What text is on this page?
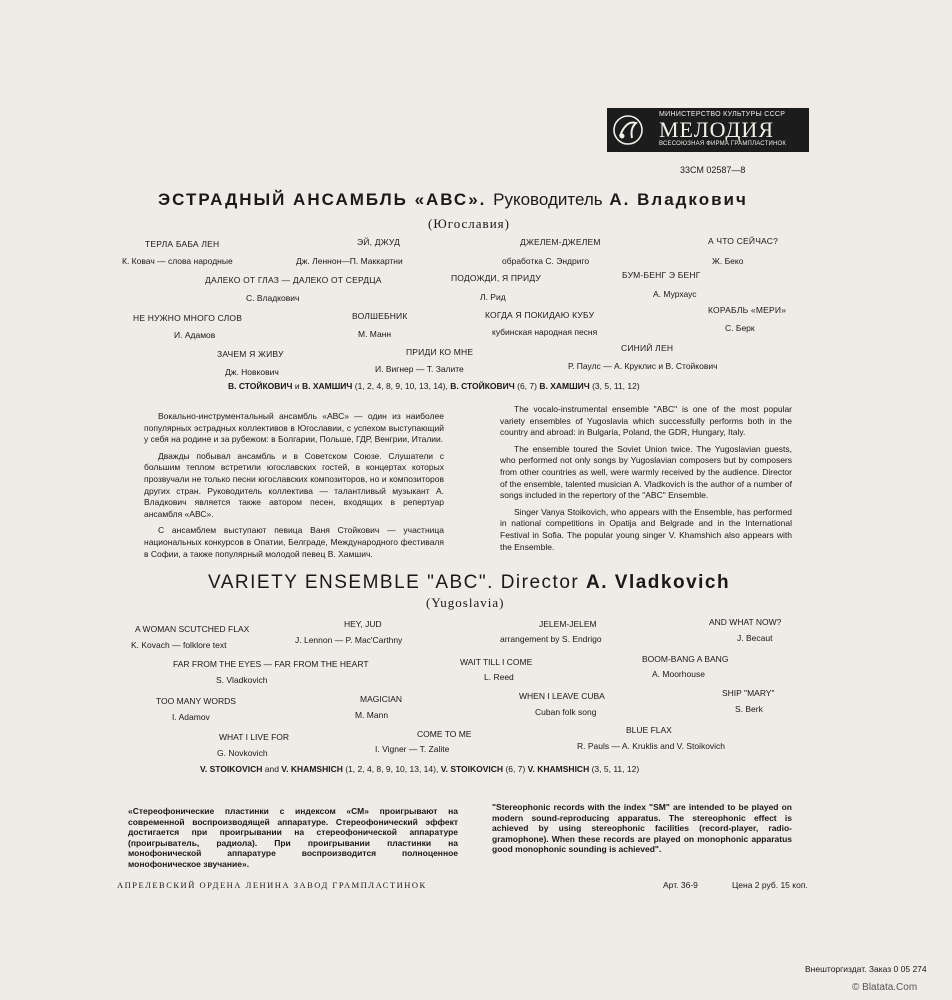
МИНИСТЕРСТВО КУЛЬТУРЫ СССР
МЕЛОДИЯ
ВСЕСОЮЗНАЯ ФИРМА ГРАМПЛАСТИНОК
33СМ 02587—8
ЭСТРАДНЫЙ АНСАМБЛЬ «АВС». Руководитель А. Владкович
(Югославия)
ТЕРЛА БАБА ЛЕН
К. Ковач — слова народные
ЭЙ, ДЖУД
Дж. Леннон—П. Маккартни
ДЖЕЛЕМ-ДЖЕЛЕМ
обработка С. Эндриго
А ЧТО СЕЙЧАС?
Ж. Беко
ДАЛЕКО ОТ ГЛАЗ — ДАЛЕКО ОТ СЕРДЦА
С. Владкович
ПОДОЖДИ, Я ПРИДУ
Л. Рид
БУМ-БЕНГ Э БЕНГ
А. Мурхаус
НЕ НУЖНО МНОГО СЛОВ
И. Адамов
ВОЛШЕБНИК
М. Манн
КОГДА Я ПОКИДАЮ КУБУ
кубинская народная песня
КОРАБЛЬ «МЕРИ»
С. Берк
ЗАЧЕМ Я ЖИВУ
Дж. Новкович
ПРИДИ КО МНЕ
И. Вигнер — Т. Залите
СИНИЙ ЛЕН
Р. Паулс — А. Круклис и В. Стойкович
В. СТОЙКОВИЧ и В. ХАМШИЧ (1, 2, 4, 8, 9, 10, 13, 14), В. СТОЙКОВИЧ (6, 7) В. ХАМШИЧ (3, 5, 11, 12)

Вокально-инструментальный ансамбль «АВС» — один из наиболее популярных эстрадных коллективов в Югославии, с успехом выступающий у себя на родине и за рубежом: в Болгарии, Польше, ГДР, Венгрии, Италии.

Дважды побывал ансамбль и в Советском Союзе. Слушатели с большим теплом встретили югославских гостей, в концертах которых прозвучали не только песни югославских композиторов, но и композиторов других стран. Руководитель коллектива — талантливый музыкант А. Владкович является также автором песен, входящих в репертуар ансамбля «АВС».

С ансамблем выступают певица Ваня Стойкович — участница национальных конкурсов в Опатии, Белграде, Международного фестиваля в Софии, а также популярный молодой певец В. Хамшич.

The vocalo-instrumental ensemble "ABC" is one of the most popular variety ensembles of Yugoslavia which successfully performs both in the country and abroad: in Bulgaria, Poland, the GDR, Hungary, Italy.

The ensemble toured the Soviet Union twice. The Yugoslavian guests, who performed not only songs by Yugoslavian composers but by composers from other countries as well, were warmly received by the audience. Director of the ensemble, talented musician A. Vladkovich is the author of a number of songs included in the repertory of the "ABC" Ensemble.

Singer Vanya Stoikovich, who appears with the Ensemble, has performed in national competitions in Opatija and Belgrade and in the International Festival in Sofia. The popular young singer V. Khamshich also appears with the Ensemble.

VARIETY ENSEMBLE "ABC". Director A. Vladkovich
(Yugoslavia)
A WOMAN SCUTCHED FLAX
K. Kovach — folklore text
HEY, JUD
J. Lennon — P. Mac'Carthny
JELEM-JELEM
arrangement by S. Endrigo
AND WHAT NOW?
J. Becaut
FAR FROM THE EYES — FAR FROM THE HEART
S. Vladkovich
WAIT TILL I COME
L. Reed
BOOM-BANG A BANG
A. Moorhouse
TOO MANY WORDS
I. Adamov
MAGICIAN
M. Mann
WHEN I LEAVE CUBA
Cuban folk song
SHIP "MARY"
S. Berk
WHAT I LIVE FOR
G. Novkovich
COME TO ME
I. Vigner — T. Zalite
BLUE FLAX
R. Pauls — A. Kruklis and V. Stoikovich
V. STOIKOVICH and V. KHAMSHICH (1, 2, 4, 8, 9, 10, 13, 14), V. STOIKOVICH (6, 7) V. KHAMSHICH (3, 5, 11, 12)
«Стереофонические пластинки с индексом «СМ» проигрывают на современной воспроизводящей аппаратуре. Стереофонический эффект достигается при проигрывании на стереофонической аппаратуре (проигрыватель, радиола). При проигрывании пластинки на монофонической аппаратуре воспроизводится полноценное монофоническое звучание».
"Stereophonic records with the index "SM" are intended to be played on modern sound-reproducing apparatus. The stereophonic effect is achieved by using stereophonic facilities (record-player, radio-gramophone). When these records are played on monophonic apparatus good monophonic sounding is achieved".
АПРЕЛЕВСКИЙ ОРДЕНА ЛЕНИНА ЗАВОД ГРАМПЛАСТИНОК	Арт. 36-9	Цена 2 руб. 15 коп.
Внешторгиздат. Заказ 0 05 274
© Blatata.Com
